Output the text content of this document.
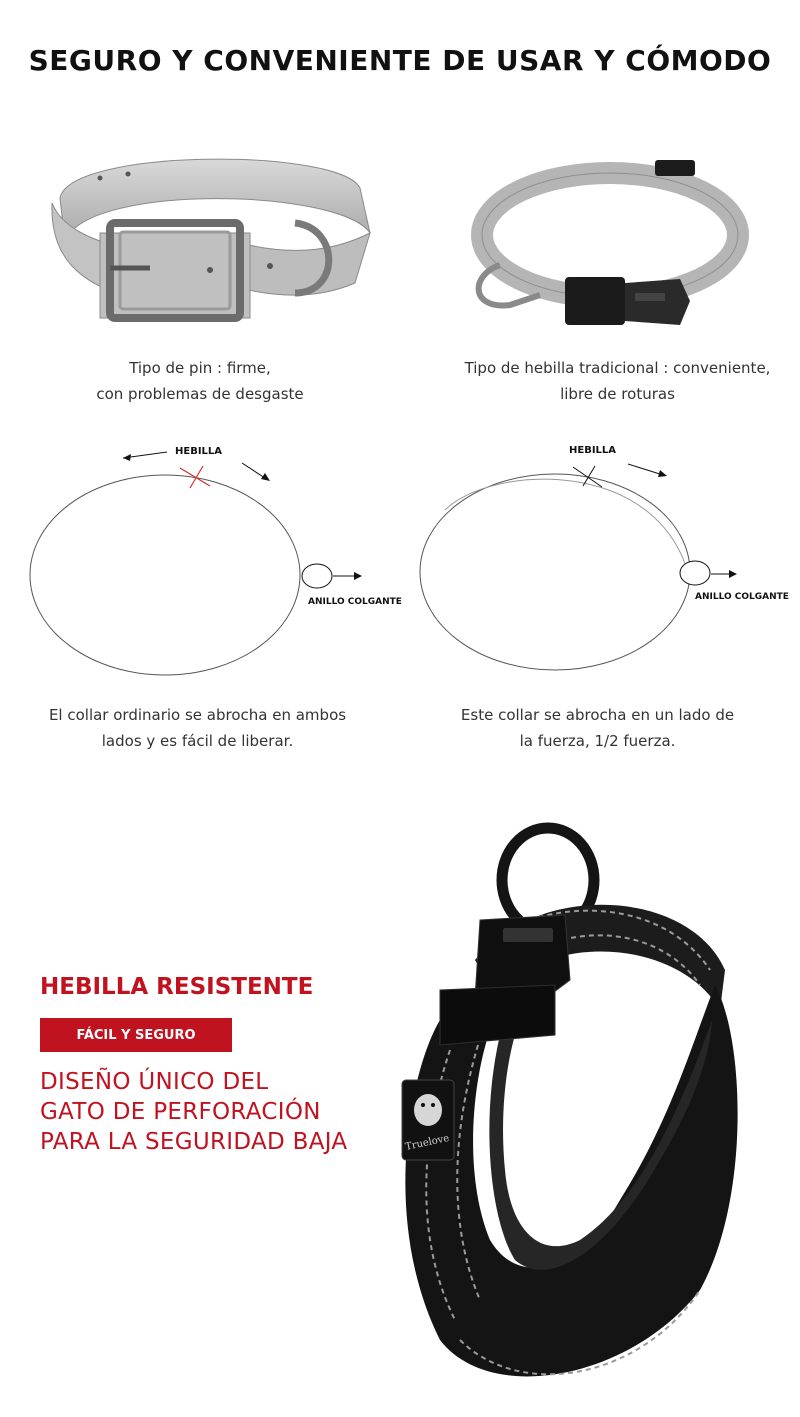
SEGURO Y CONVENIENTE DE USAR Y CÓMODO
Tipo de pin : firme,
con problemas de desgaste
Tipo de hebilla tradicional : conveniente,
libre de roturas
HEBILLA
ANILLO COLGANTE
HEBILLA
ANILLO COLGANTE
El collar ordinario se abrocha en ambos
lados y es fácil de liberar.
Este collar se abrocha en un lado de
la fuerza, 1/2 fuerza.
HEBILLA RESISTENTE
FÁCIL Y SEGURO
DISEÑO ÚNICO DEL
GATO DE PERFORACIÓN
PARA LA SEGURIDAD BAJA	Truelove
